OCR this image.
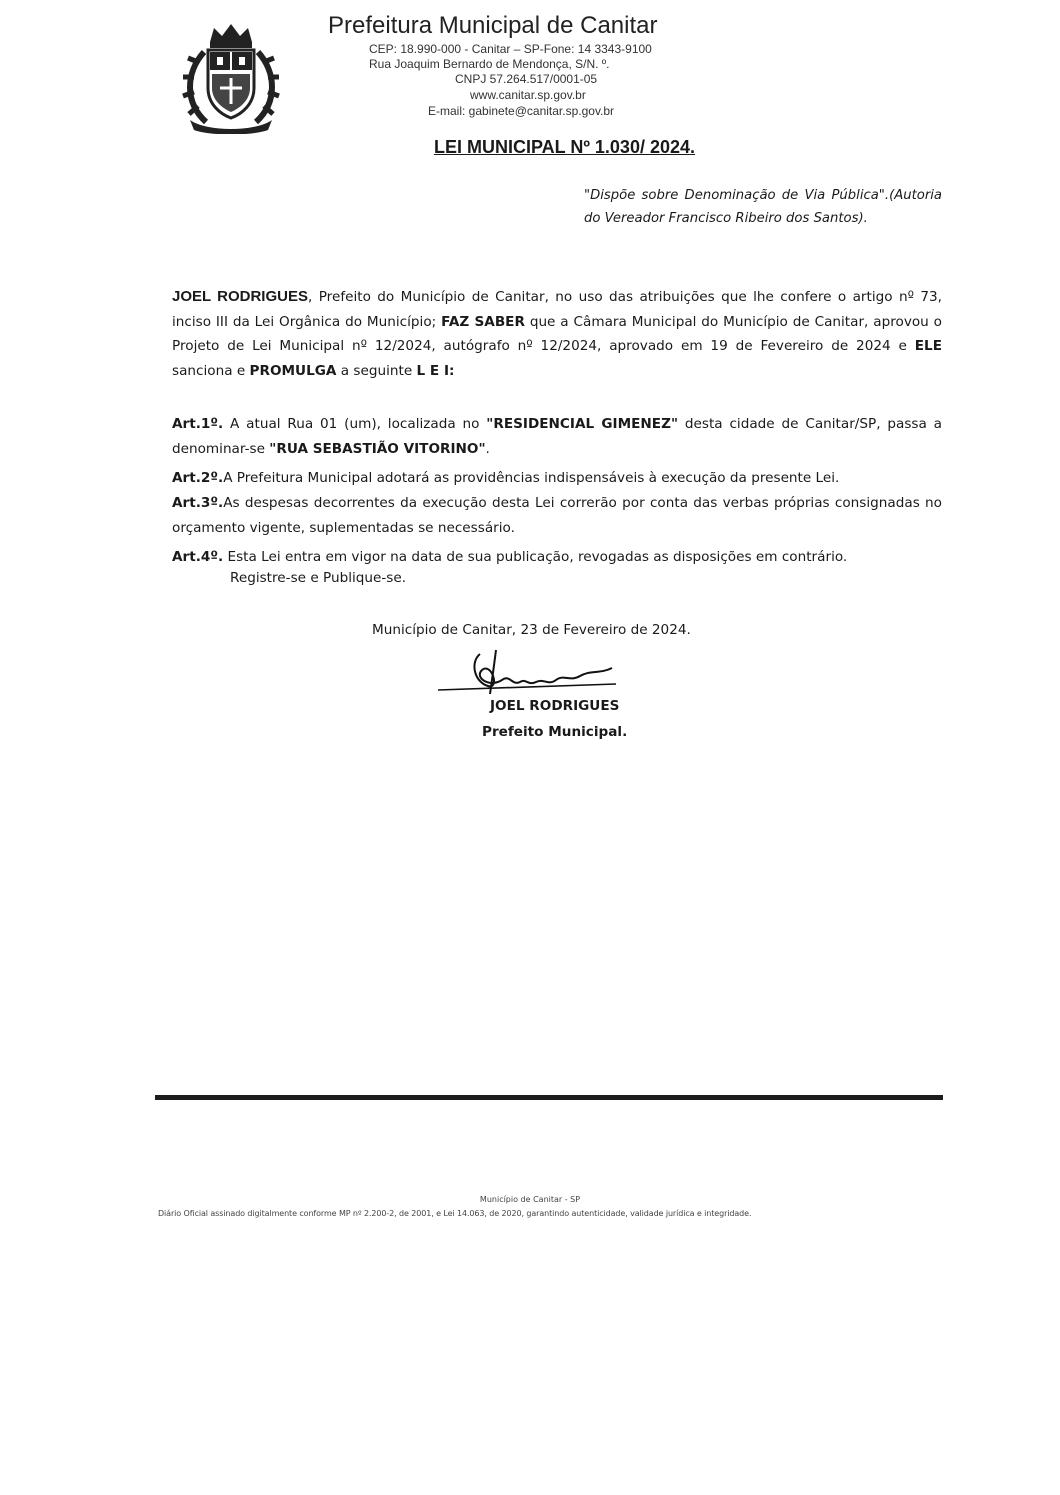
Prefeitura Municipal de Canitar
CEP: 18.990-000 - Canitar – SP-Fone: 14 3343-9100
Rua Joaquim Bernardo de Mendonça, S/N. º.
CNPJ 57.264.517/0001-05
www.canitar.sp.gov.br
E-mail: gabinete@canitar.sp.gov.br
LEI MUNICIPAL Nº 1.030/ 2024.
"Dispõe sobre Denominação de Via Pública".(Autoria do Vereador Francisco Ribeiro dos Santos).
JOEL RODRIGUES, Prefeito do Município de Canitar, no uso das atribuições que lhe confere o artigo nº 73, inciso III da Lei Orgânica do Município; FAZ SABER que a Câmara Municipal do Município de Canitar, aprovou o Projeto de Lei Municipal nº 12/2024, autógrafo nº 12/2024, aprovado em 19 de Fevereiro de 2024 e ELE sanciona e PROMULGA a seguinte L E I:
Art.1º. A atual Rua 01 (um), localizada no "RESIDENCIAL GIMENEZ" desta cidade de Canitar/SP, passa a denominar-se "RUA SEBASTIÃO VITORINO".
Art.2º.A Prefeitura Municipal adotará as providências indispensáveis à execução da presente Lei.
Art.3º.As despesas decorrentes da execução desta Lei correrão por conta das verbas próprias consignadas no orçamento vigente, suplementadas se necessário.
Art.4º. Esta Lei entra em vigor na data de sua publicação, revogadas as disposições em contrário.
Registre-se e Publique-se.
Município de Canitar, 23 de Fevereiro de 2024.
JOEL RODRIGUES
Prefeito Municipal.
Município de Canitar - SP
Diário Oficial assinado digitalmente conforme MP nº 2.200-2, de 2001, e Lei 14.063, de 2020, garantindo autenticidade, validade jurídica e integridade.
